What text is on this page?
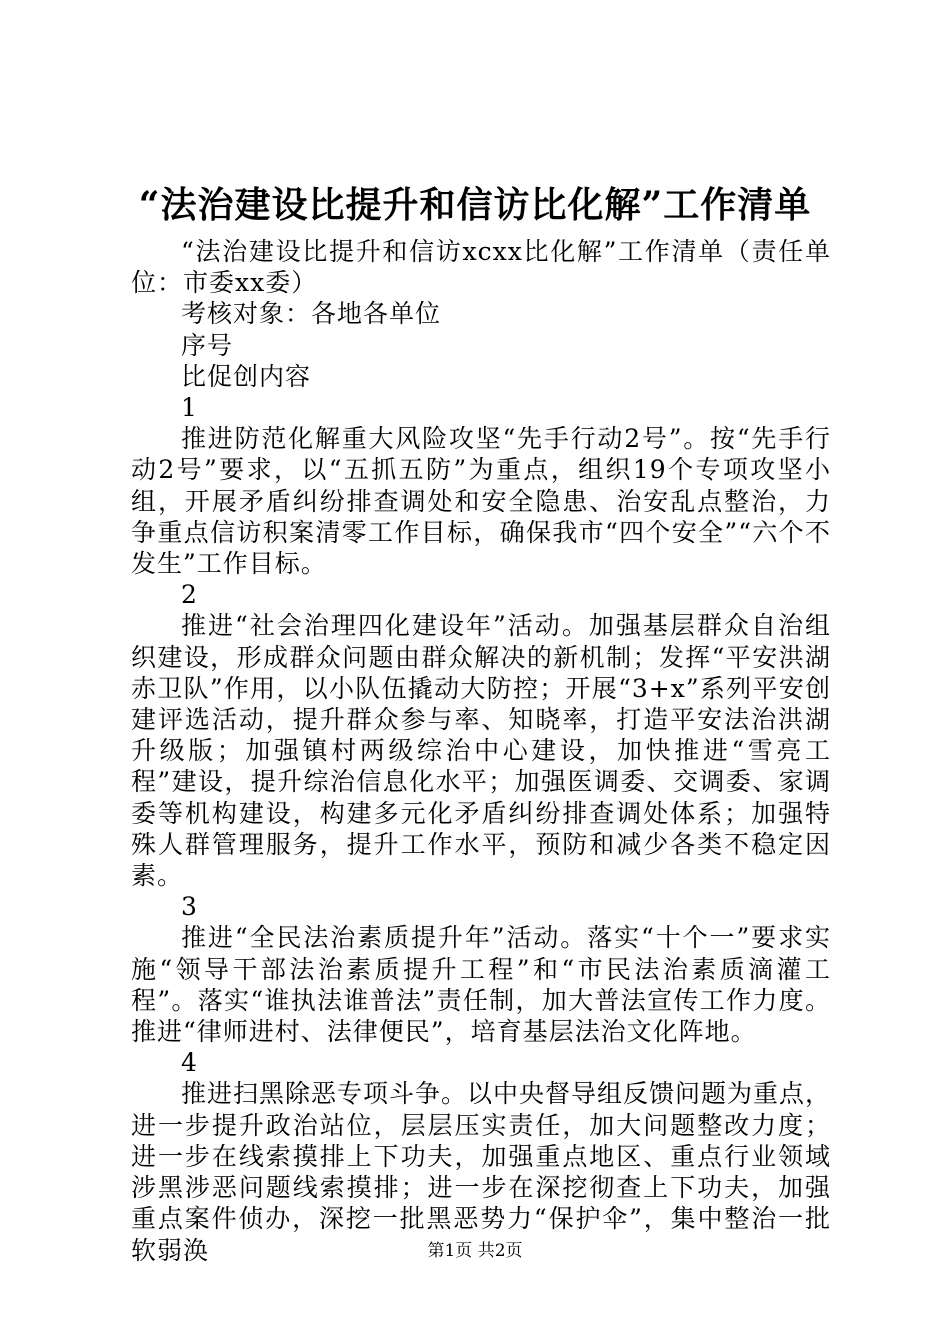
“法治建设比提升和信访比化解”工作清单

“法治建设比提升和信访xcxx比化解”工作清单（责任单位：市委xx委）

考核对象：各地各单位

序号

比促创内容

1

推进防范化解重大风险攻坚“先手行动2号”。按“先手行动2号”要求，以“五抓五防”为重点，组织19个专项攻坚小组，开展矛盾纠纷排查调处和安全隐患、治安乱点整治，力争重点信访积案清零工作目标，确保我市“四个安全”“六个不发生”工作目标。

2

推进“社会治理四化建设年”活动。加强基层群众自治组织建设，形成群众问题由群众解决的新机制；发挥“平安洪湖赤卫队”作用，以小队伍撬动大防控；开展“3+x”系列平安创建评选活动，提升群众参与率、知晓率，打造平安法治洪湖升级版；加强镇村两级综治中心建设，加快推进“雪亮工程”建设，提升综治信息化水平；加强医调委、交调委、家调委等机构建设，构建多元化矛盾纠纷排查调处体系；加强特殊人群管理服务，提升工作水平，预防和减少各类不稳定因素。

3

推进“全民法治素质提升年”活动。落实“十个一”要求实施“领导干部法治素质提升工程”和“市民法治素质滴灌工程”。落实“谁执法谁普法”责任制，加大普法宣传工作力度。推进“律师进村、法律便民”，培育基层法治文化阵地。

4

推进扫黑除恶专项斗争。以中央督导组反馈问题为重点，进一步提升政治站位，层层压实责任，加大问题整改力度；进一步在线索摸排上下功夫，加强重点地区、重点行业领域涉黑涉恶问题线索摸排；进一步在深挖彻查上下功夫，加强重点案件侦办，深挖一批黑恶势力“保护伞”，集中整治一批软弱涣	第1页 共2页
